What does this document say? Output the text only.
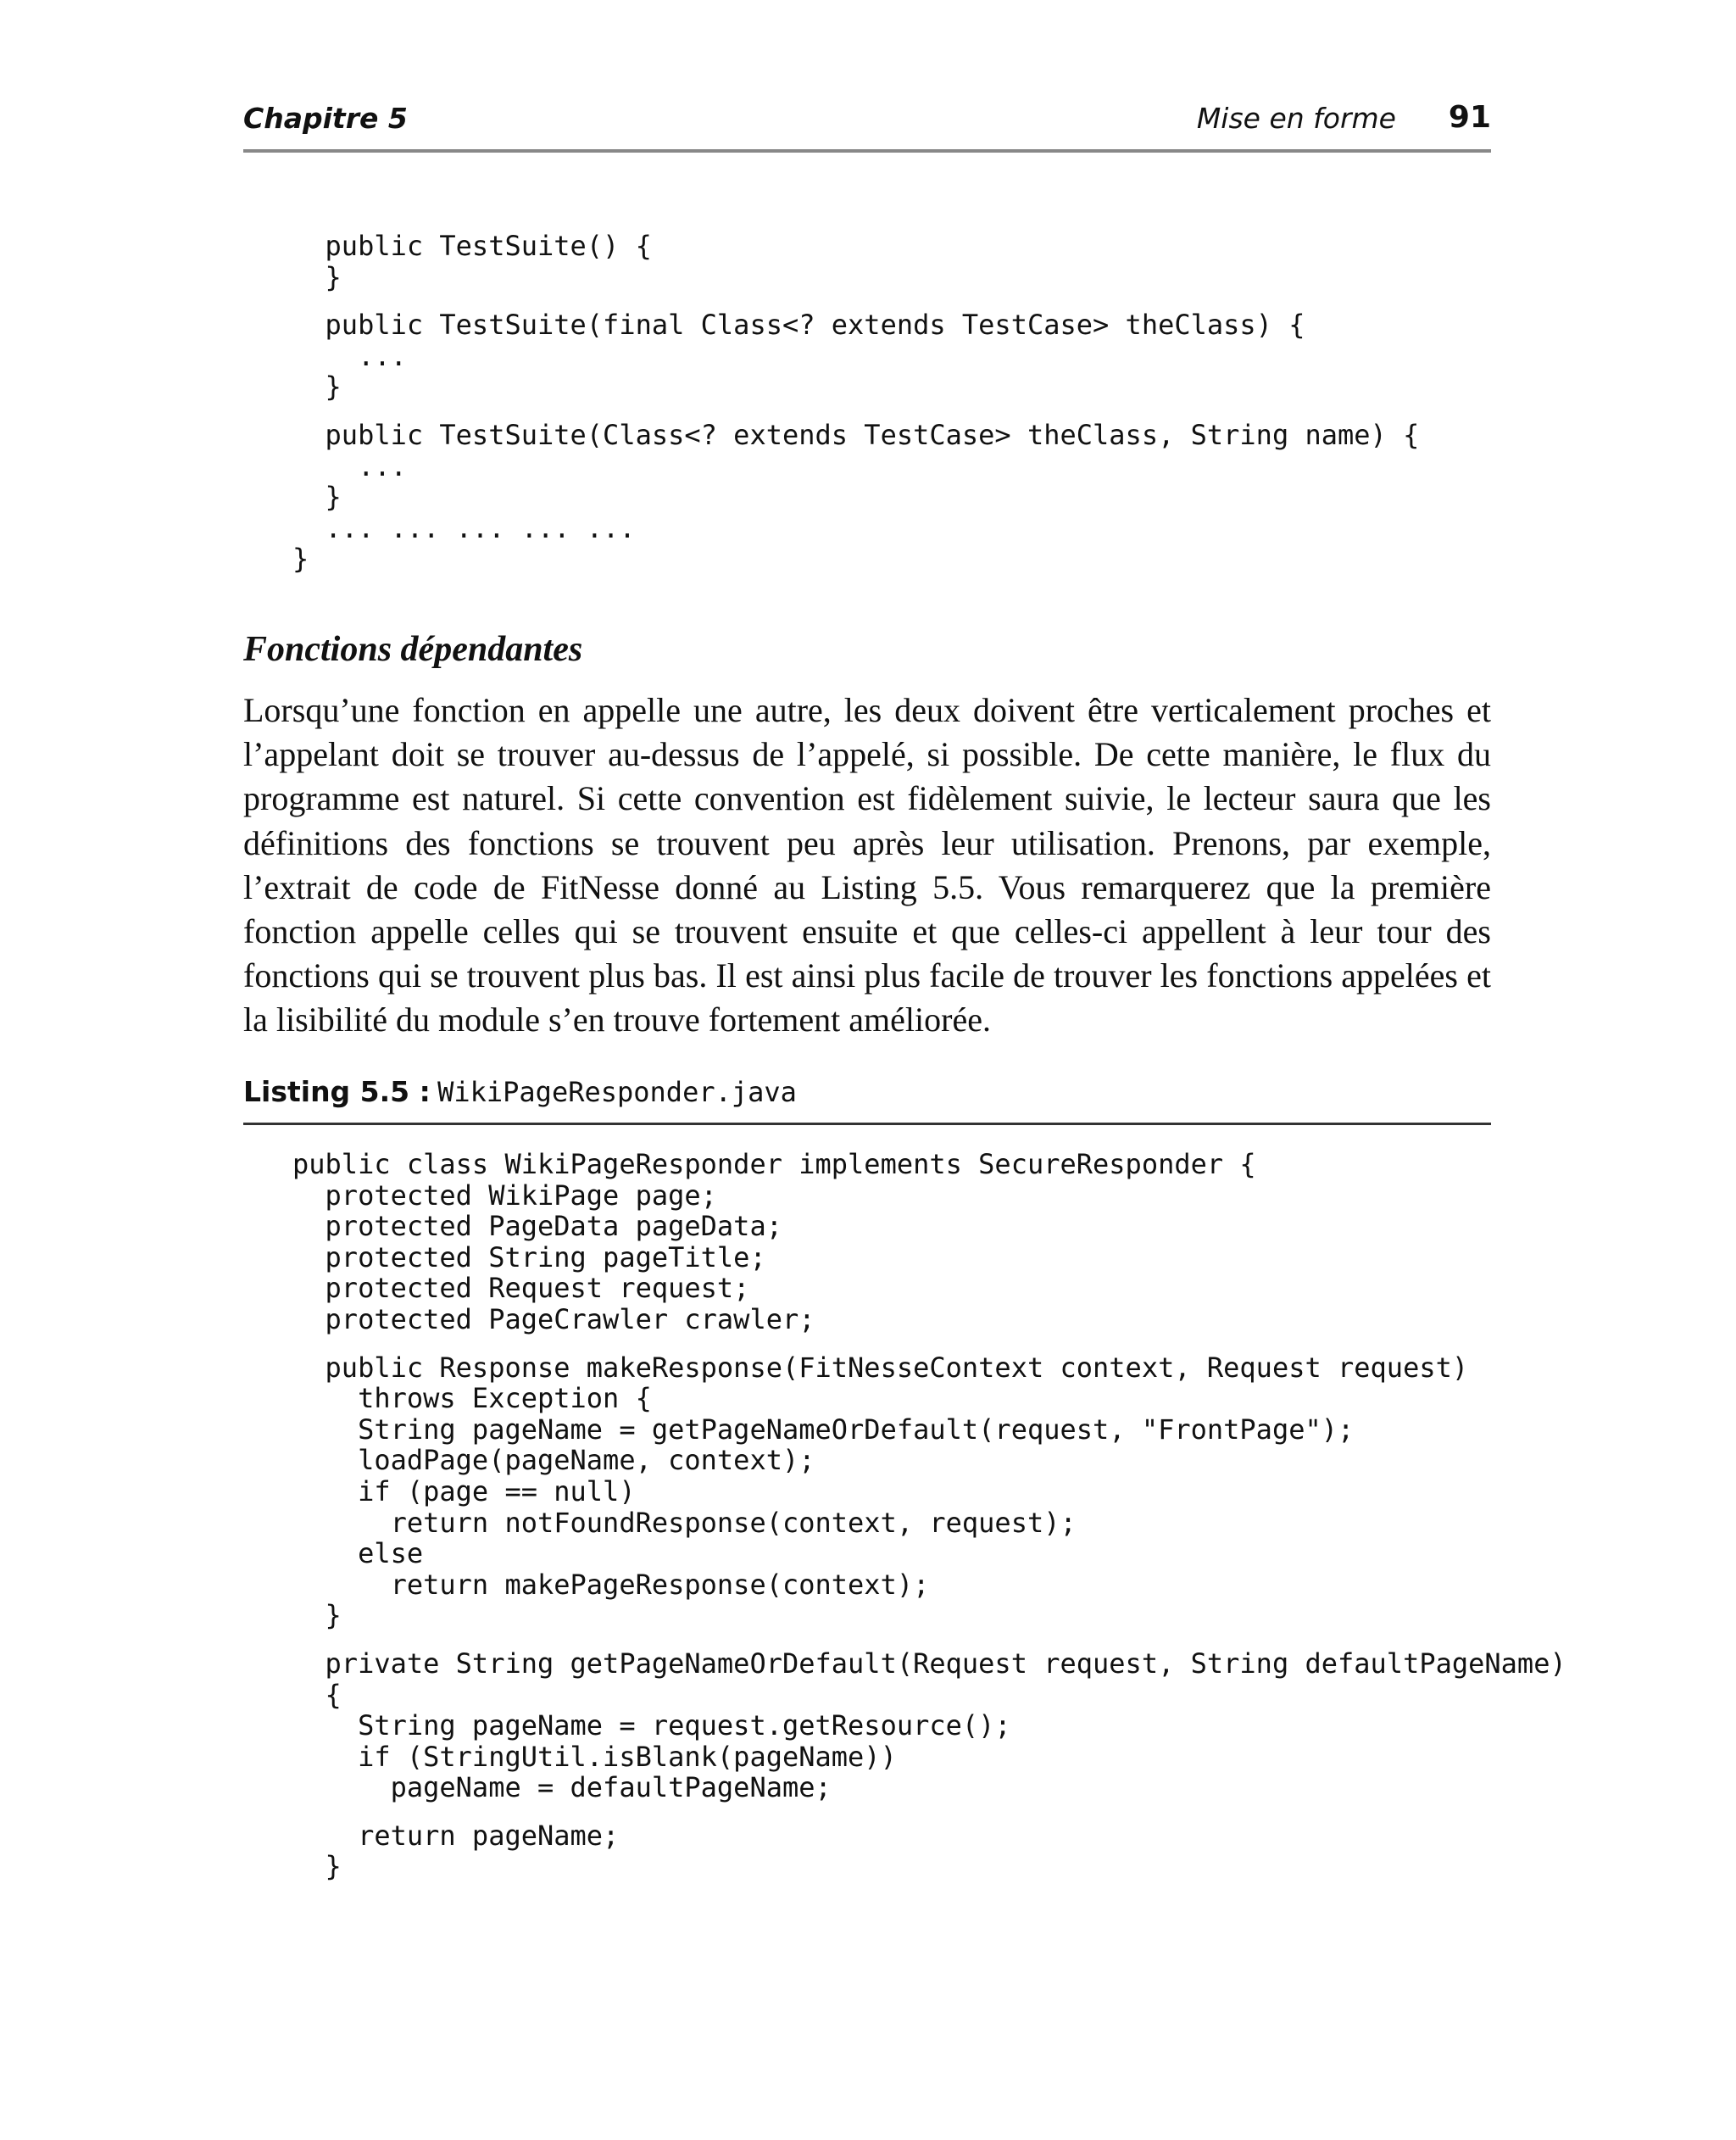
Chapitre 5	Mise en forme 91
public TestSuite() {
}
public TestSuite(final Class<? extends TestCase> theClass) {
...
}
public TestSuite(Class<? extends TestCase> theClass, String name) {
...
}
... ... ... ... ...
}
Fonctions dépendantes

Lorsqu’une fonction en appelle une autre, les deux doivent être verticalement proches et l’appelant doit se trouver au-dessus de l’appelé, si possible. De cette manière, le flux du programme est naturel. Si cette convention est fidèlement suivie, le lecteur saura que les définitions des fonctions se trouvent peu après leur utilisation. Prenons, par exemple, l’extrait de code de FitNesse donné au Listing 5.5. Vous remarquerez que la première fonction appelle celles qui se trouvent ensuite et que celles-ci appellent à leur tour des fonctions qui se trouvent plus bas. Il est ainsi plus facile de trouver les fonctions appelées et la lisibilité du module s’en trouve fortement améliorée.

Listing 5.5 : WikiPageResponder.java
public class WikiPageResponder implements SecureResponder {
protected WikiPage page;
protected PageData pageData;
protected String pageTitle;
protected Request request;
protected PageCrawler crawler;
public Response makeResponse(FitNesseContext context, Request request)
throws Exception {
String pageName = getPageNameOrDefault(request, "FrontPage");
loadPage(pageName, context);
if (page == null)
return notFoundResponse(context, request);
else
return makePageResponse(context);
}
private String getPageNameOrDefault(Request request, String defaultPageName)
{
String pageName = request.getResource();
if (StringUtil.isBlank(pageName))
pageName = defaultPageName;
return pageName;
}
